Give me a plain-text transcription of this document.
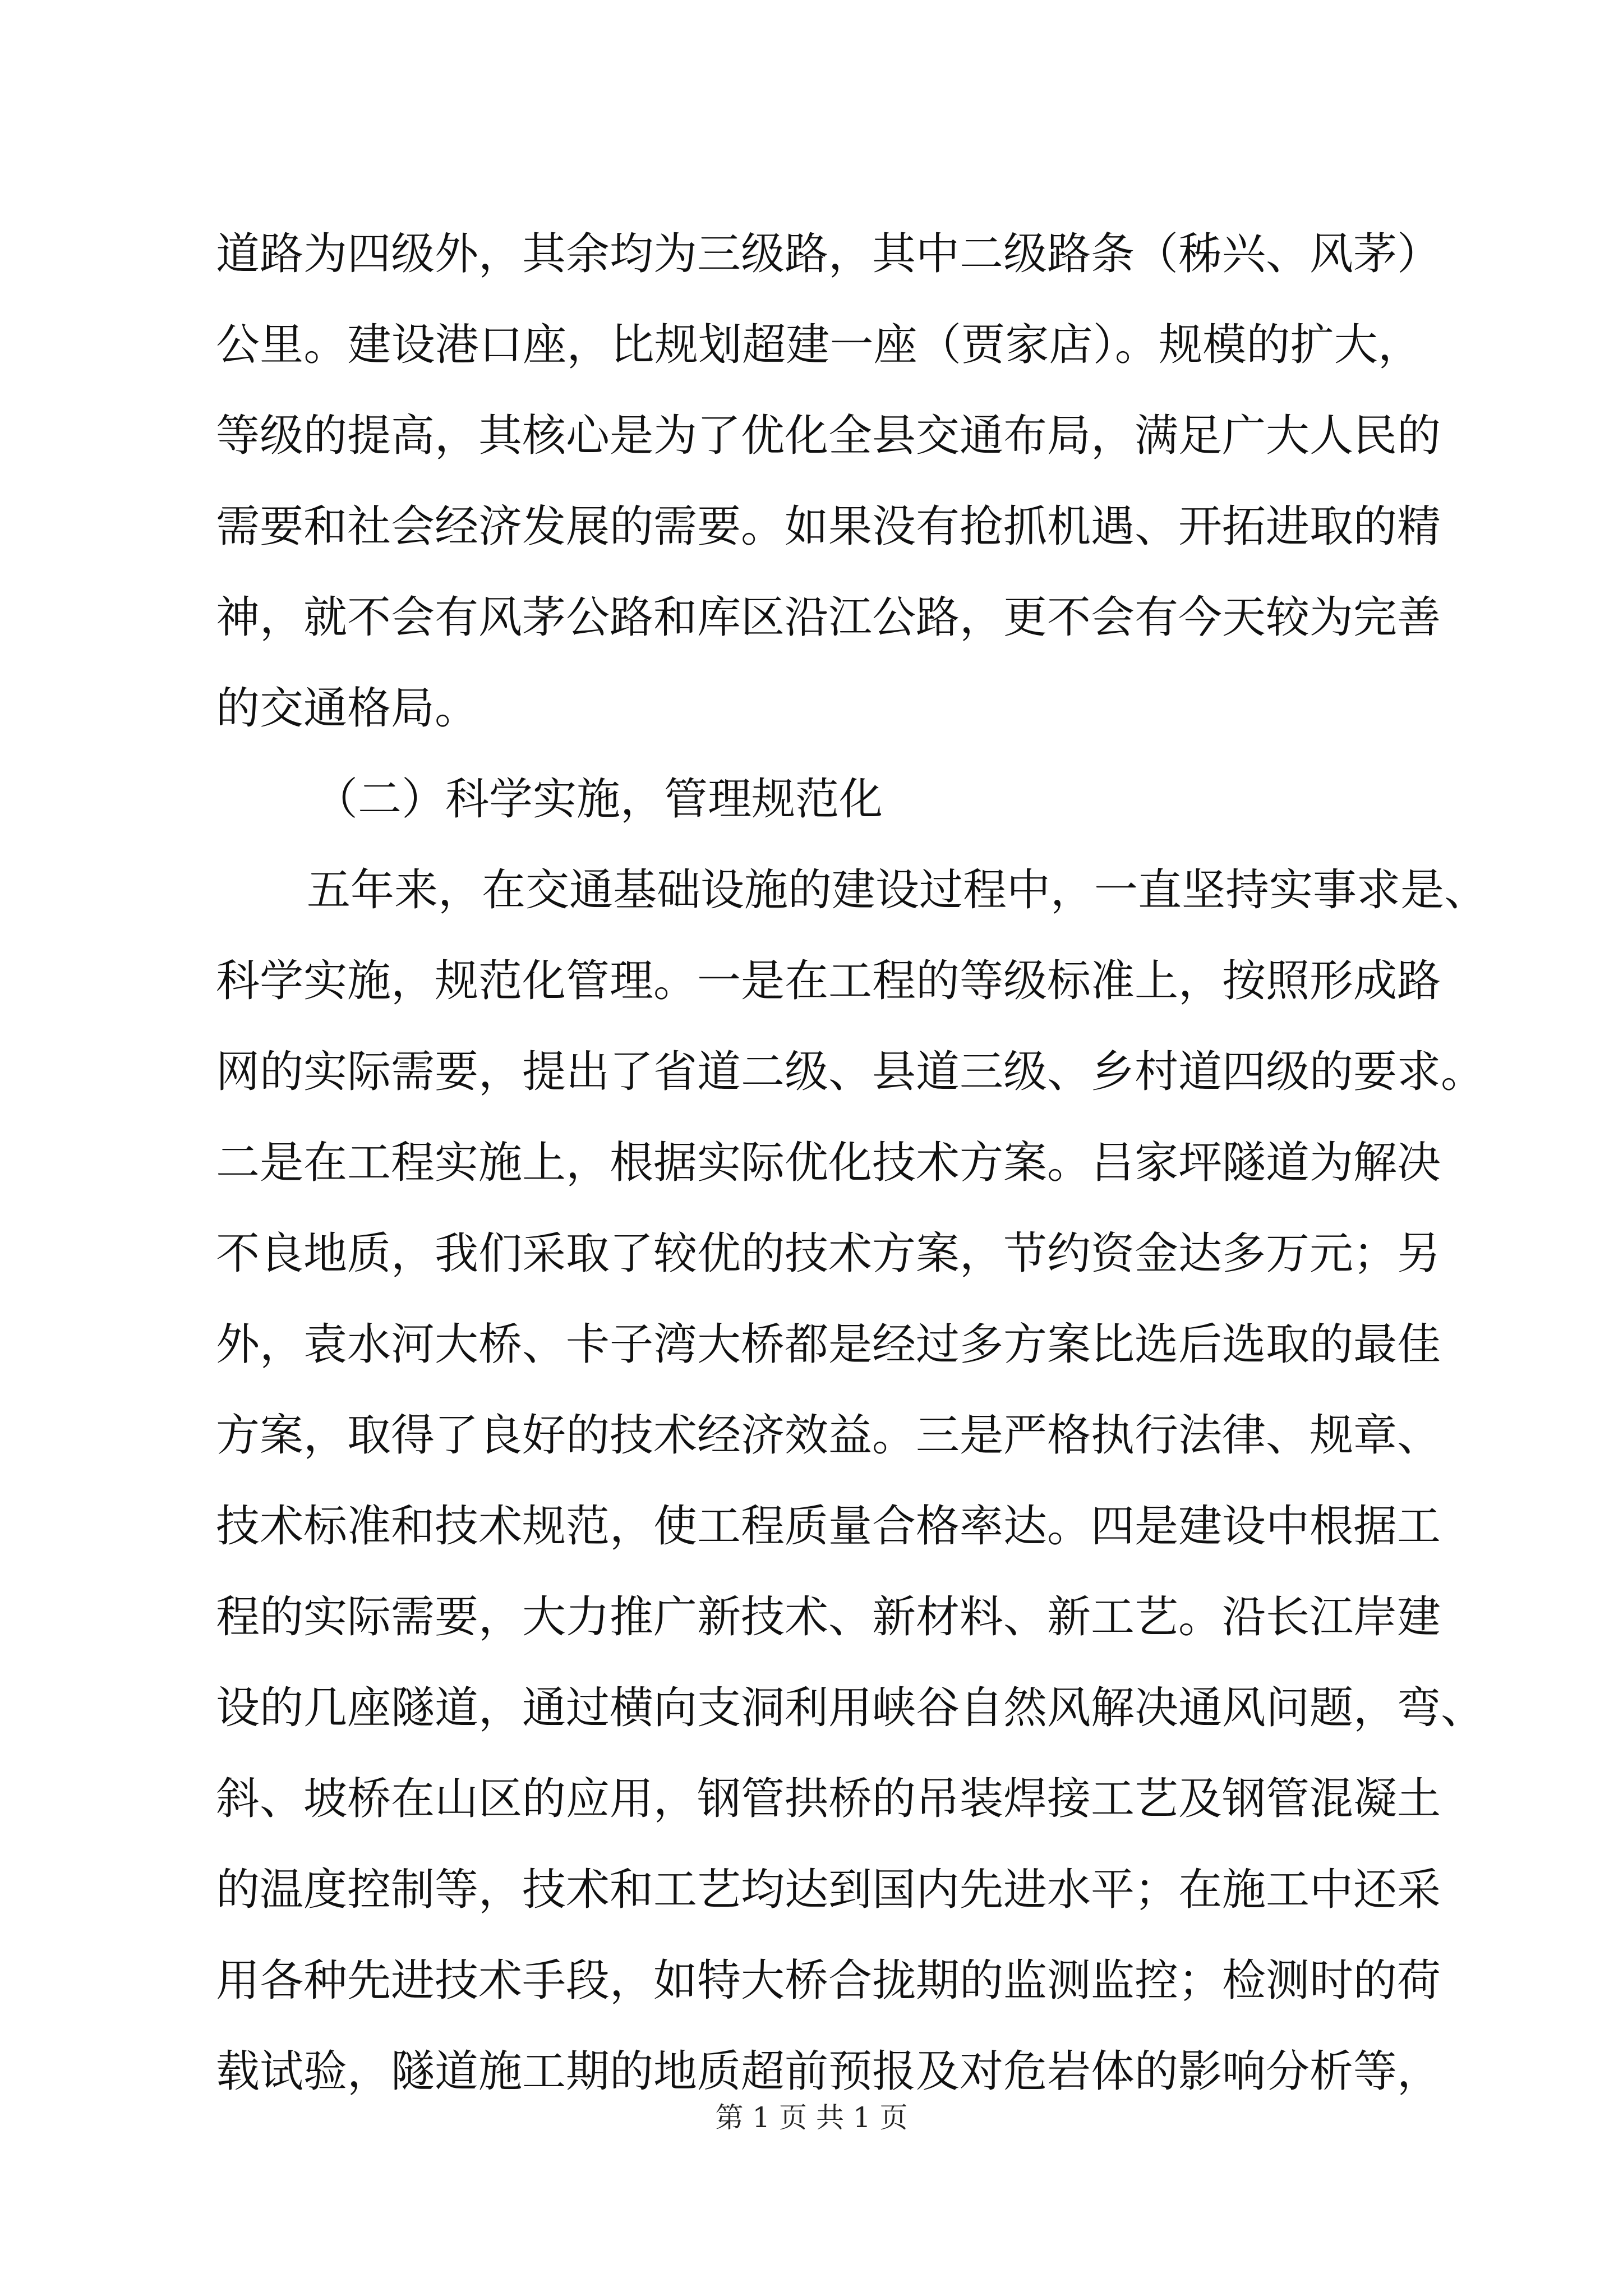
道路为四级外，其余均为三级路，其中二级路条（秭兴、风茅）
公里。建设港口座，比规划超建一座（贾家店）。规模的扩大，
等级的提高，其核心是为了优化全县交通布局，满足广大人民的
需要和社会经济发展的需要。如果没有抢抓机遇、开拓进取的精
神，就不会有风茅公路和库区沿江公路，更不会有今天较为完善
的交通格局。
（二）科学实施，管理规范化
五年来，在交通基础设施的建设过程中，一直坚持实事求是、
科学实施，规范化管理。一是在工程的等级标准上，按照形成路
网的实际需要，提出了省道二级、县道三级、乡村道四级的要求。
二是在工程实施上，根据实际优化技术方案。吕家坪隧道为解决
不良地质，我们采取了较优的技术方案，节约资金达多万元；另
外，袁水河大桥、卡子湾大桥都是经过多方案比选后选取的最佳
方案，取得了良好的技术经济效益。三是严格执行法律、规章、
技术标准和技术规范，使工程质量合格率达。四是建设中根据工
程的实际需要，大力推广新技术、新材料、新工艺。沿长江岸建
设的几座隧道，通过横向支洞利用峡谷自然风解决通风问题，弯、
斜、坡桥在山区的应用，钢管拱桥的吊装焊接工艺及钢管混凝土
的温度控制等，技术和工艺均达到国内先进水平；在施工中还采
用各种先进技术手段，如特大桥合拢期的监测监控；检测时的荷
载试验，隧道施工期的地质超前预报及对危岩体的影响分析等，
第 1 页 共 1 页
